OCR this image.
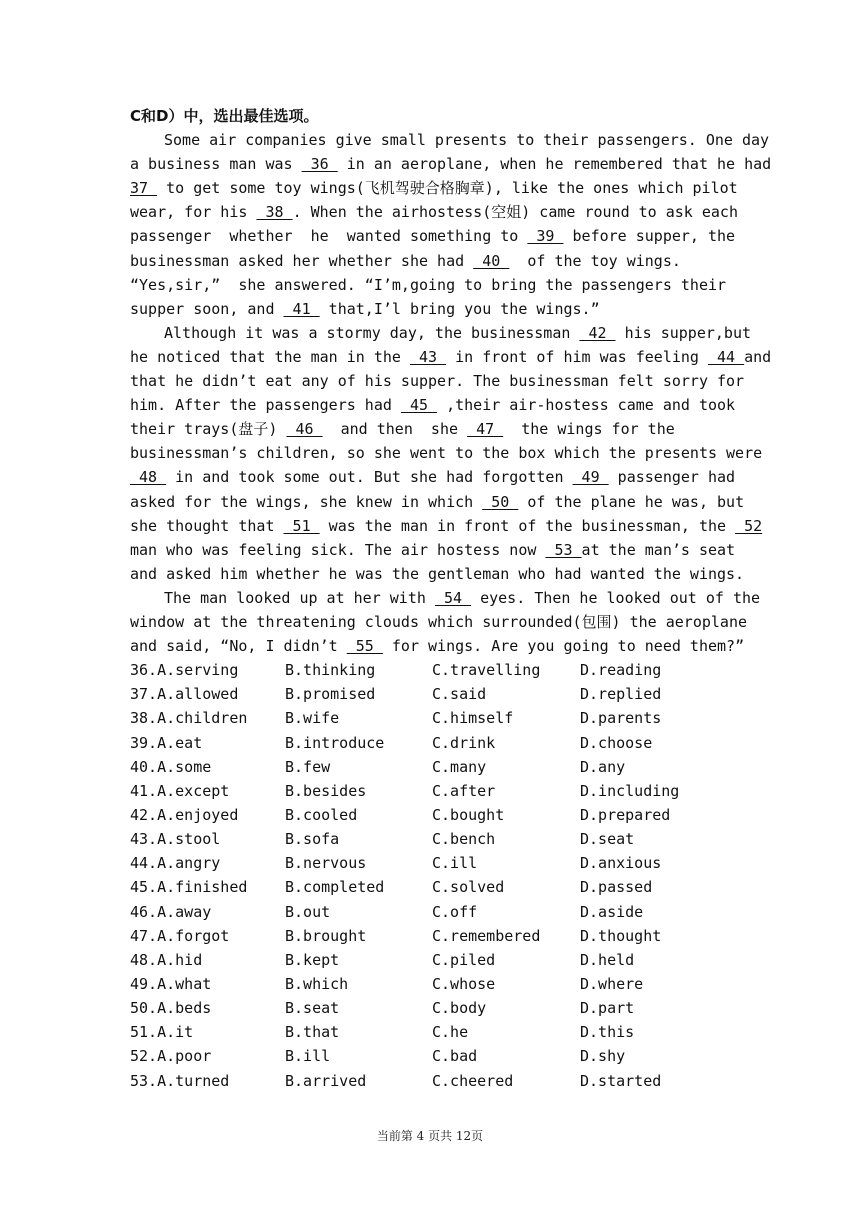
C和D）中，选出最佳选项。
Some air companies give small presents to their passengers. One day
a business man was  36  in an aeroplane, when he remembered that he had
37  to get some toy wings(飞机驾驶合格胸章), like the ones which pilot
wear, for his  38 . When the airhostess(空姐) came round to ask each
passenger  whether  he  wanted something to  39  before supper, the
businessman asked her whether she had  40   of the toy wings.
“Yes,sir,”  she answered. “I’m,going to bring the passengers their
supper soon, and  41  that,I’l bring you the wings.”
Although it was a stormy day, the businessman  42  his supper,but
he noticed that the man in the  43  in front of him was feeling  44 and
that he didn’t eat any of his supper. The businessman felt sorry for
him. After the passengers had  45  ,their air-hostess came and took
their trays(盘子)  46   and then  she  47   the wings for the
businessman’s children, so she went to the box which the presents were
48  in and took some out. But she had forgotten  49  passenger had
asked for the wings, she knew in which  50  of the plane he was, but
she thought that  51  was the man in front of the businessman, the  52
man who was feeling sick. The air hostess now  53 at the man’s seat
and asked him whether he was the gentleman who had wanted the wings.
The man looked up at her with  54  eyes. Then he looked out of the
window at the threatening clouds which surrounded(包围) the aeroplane
and said, “No, I didn’t  55  for wings. Are you going to need them?”
36.A.serving	B.thinking	C.travelling	D.reading
37.A.allowed	B.promised	C.said	D.replied
38.A.children	B.wife	C.himself	D.parents
39.A.eat	B.introduce	C.drink	D.choose
40.A.some	B.few	C.many	D.any
41.A.except	B.besides	C.after	D.including
42.A.enjoyed	B.cooled	C.bought	D.prepared
43.A.stool	B.sofa	C.bench	D.seat
44.A.angry	B.nervous	C.ill	D.anxious
45.A.finished	B.completed	C.solved	D.passed
46.A.away	B.out	C.off	D.aside
47.A.forgot	B.brought	C.remembered	D.thought
48.A.hid	B.kept	C.piled	D.held
49.A.what	B.which	C.whose	D.where
50.A.beds	B.seat	C.body	D.part
51.A.it	B.that	C.he	D.this
52.A.poor	B.ill	C.bad	D.shy
53.A.turned	B.arrived	C.cheered	D.started
当前第 4 页共 12页
